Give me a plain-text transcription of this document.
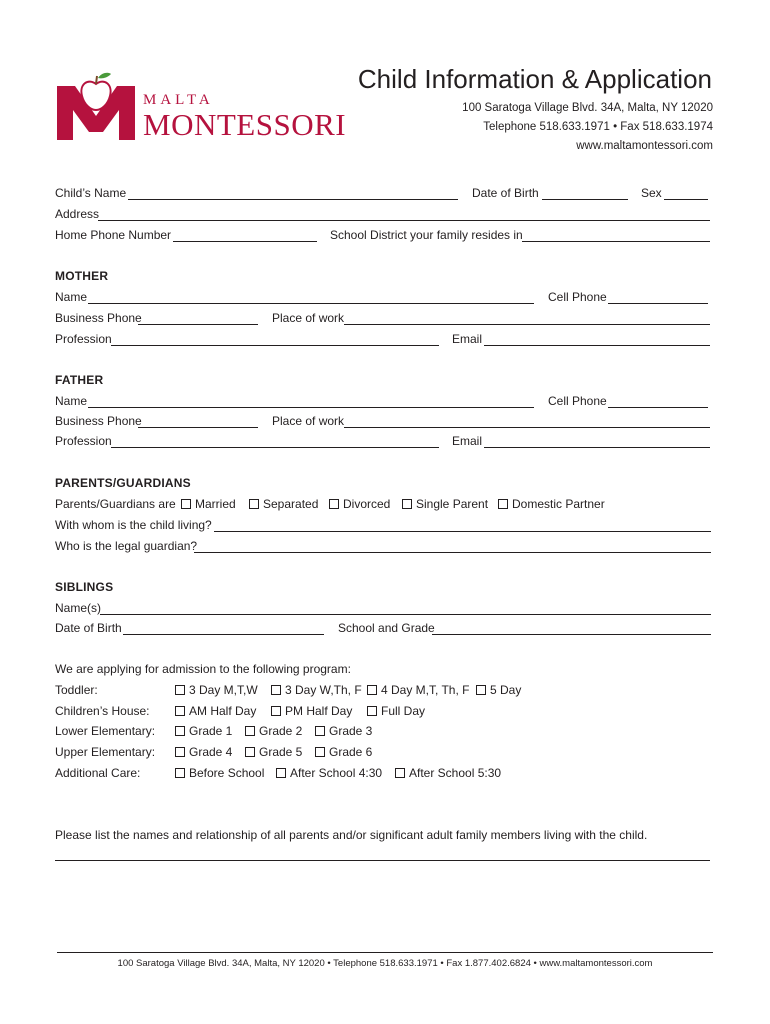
MALTA
MONTESSORI
Child Information & Application
100 Saratoga Village Blvd. 34A, Malta, NY 12020
Telephone 518.633.1971 • Fax 518.633.1974
www.maltamontessori.com
Child’s Name	Date of Birth	Sex
Address
Home Phone Number	School District your family resides in
MOTHER
Name	Cell Phone
Business Phone	Place of work
Profession	Email
FATHER
Name	Cell Phone
Business Phone	Place of work
Profession	Email
PARENTS/GUARDIANS
Parents/Guardians are	Married	Separated	Divorced	Single Parent	Domestic Partner
With whom is the child living?
Who is the legal guardian?
SIBLINGS
Name(s)
Date of Birth	School and Grade
We are applying for admission to the following program:
Toddler:	3 Day M,T,W	3 Day W,Th, F	4 Day M,T, Th, F	5 Day
Children’s House:	AM Half Day	PM Half Day	Full Day
Lower Elementary:	Grade 1	Grade 2	Grade 3
Upper Elementary:	Grade 4	Grade 5	Grade 6
Additional Care:	Before School	After School 4:30	After School 5:30
Please list the names and relationship of all parents and/or significant adult family members living with the child.
100 Saratoga Village Blvd. 34A, Malta, NY 12020 • Telephone 518.633.1971 • Fax 1.877.402.6824 • www.maltamontessori.com
